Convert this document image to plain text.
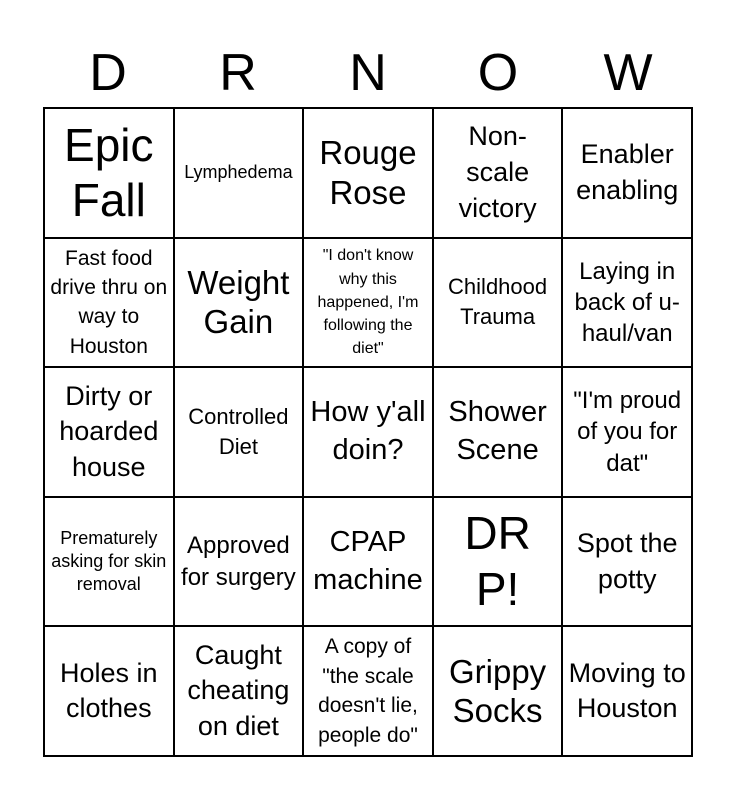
D	R	N	O	W
Epic Fall
Lymphedema
Rouge Rose
Non-scale victory
Enabler enabling
Fast food drive thru on way to Houston
Weight Gain
"I don't know why this happened, I'm following the diet"
Childhood Trauma
Laying in back of u-haul/van
Dirty or hoarded house
Controlled Diet
How y'all doin?
Shower Scene
"I'm proud of you for dat"
Prematurely asking for skin removal
Approved for surgery
CPAP machine
DR P!
Spot the potty
Holes in clothes
Caught cheating on diet
A copy of "the scale doesn't lie, people do"
Grippy Socks
Moving to Houston
